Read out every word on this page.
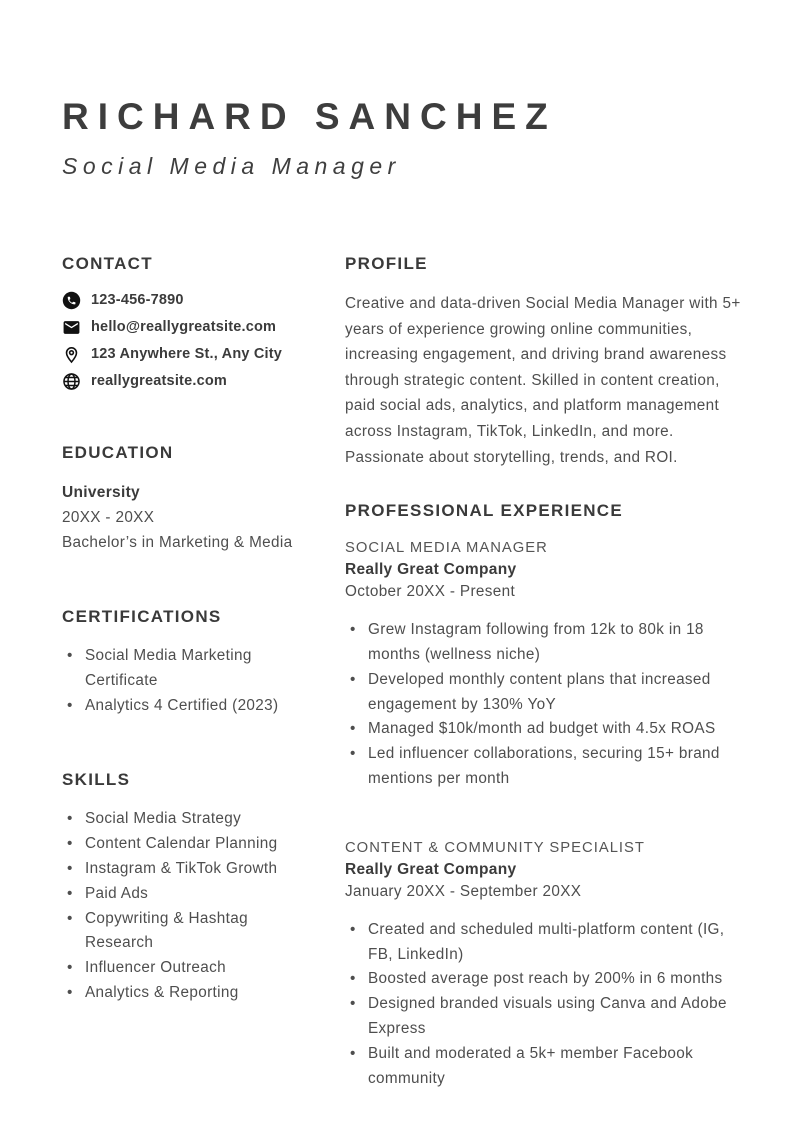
RICHARD SANCHEZ
Social Media Manager
CONTACT
123-456-7890
hello@reallygreatsite.com
123 Anywhere St., Any City
reallygreatsite.com
EDUCATION
University
20XX - 20XX
Bachelor’s in Marketing & Media
CERTIFICATIONS
• Social Media Marketing Certificate
• Analytics 4 Certified (2023)
SKILLS
• Social Media Strategy
• Content Calendar Planning
• Instagram & TikTok Growth
• Paid Ads
• Copywriting & Hashtag Research
• Influencer Outreach
• Analytics & Reporting
PROFILE

Creative and data-driven Social Media Manager with 5+ years of experience growing online communities, increasing engagement, and driving brand awareness through strategic content. Skilled in content creation, paid social ads, analytics, and platform management across Instagram, TikTok, LinkedIn, and more. Passionate about storytelling, trends, and ROI.

PROFESSIONAL EXPERIENCE
SOCIAL MEDIA MANAGER
Really Great Company
October 20XX - Present
• Grew Instagram following from 12k to 80k in 18 months (wellness niche)
• Developed monthly content plans that increased engagement by 130% YoY
• Managed $10k/month ad budget with 4.5x ROAS
• Led influencer collaborations, securing 15+ brand mentions per month
CONTENT & COMMUNITY SPECIALIST
Really Great Company
January 20XX - September 20XX
• Created and scheduled multi-platform content (IG, FB, LinkedIn)
• Boosted average post reach by 200% in 6 months
• Designed branded visuals using Canva and Adobe Express
• Built and moderated a 5k+ member Facebook community
